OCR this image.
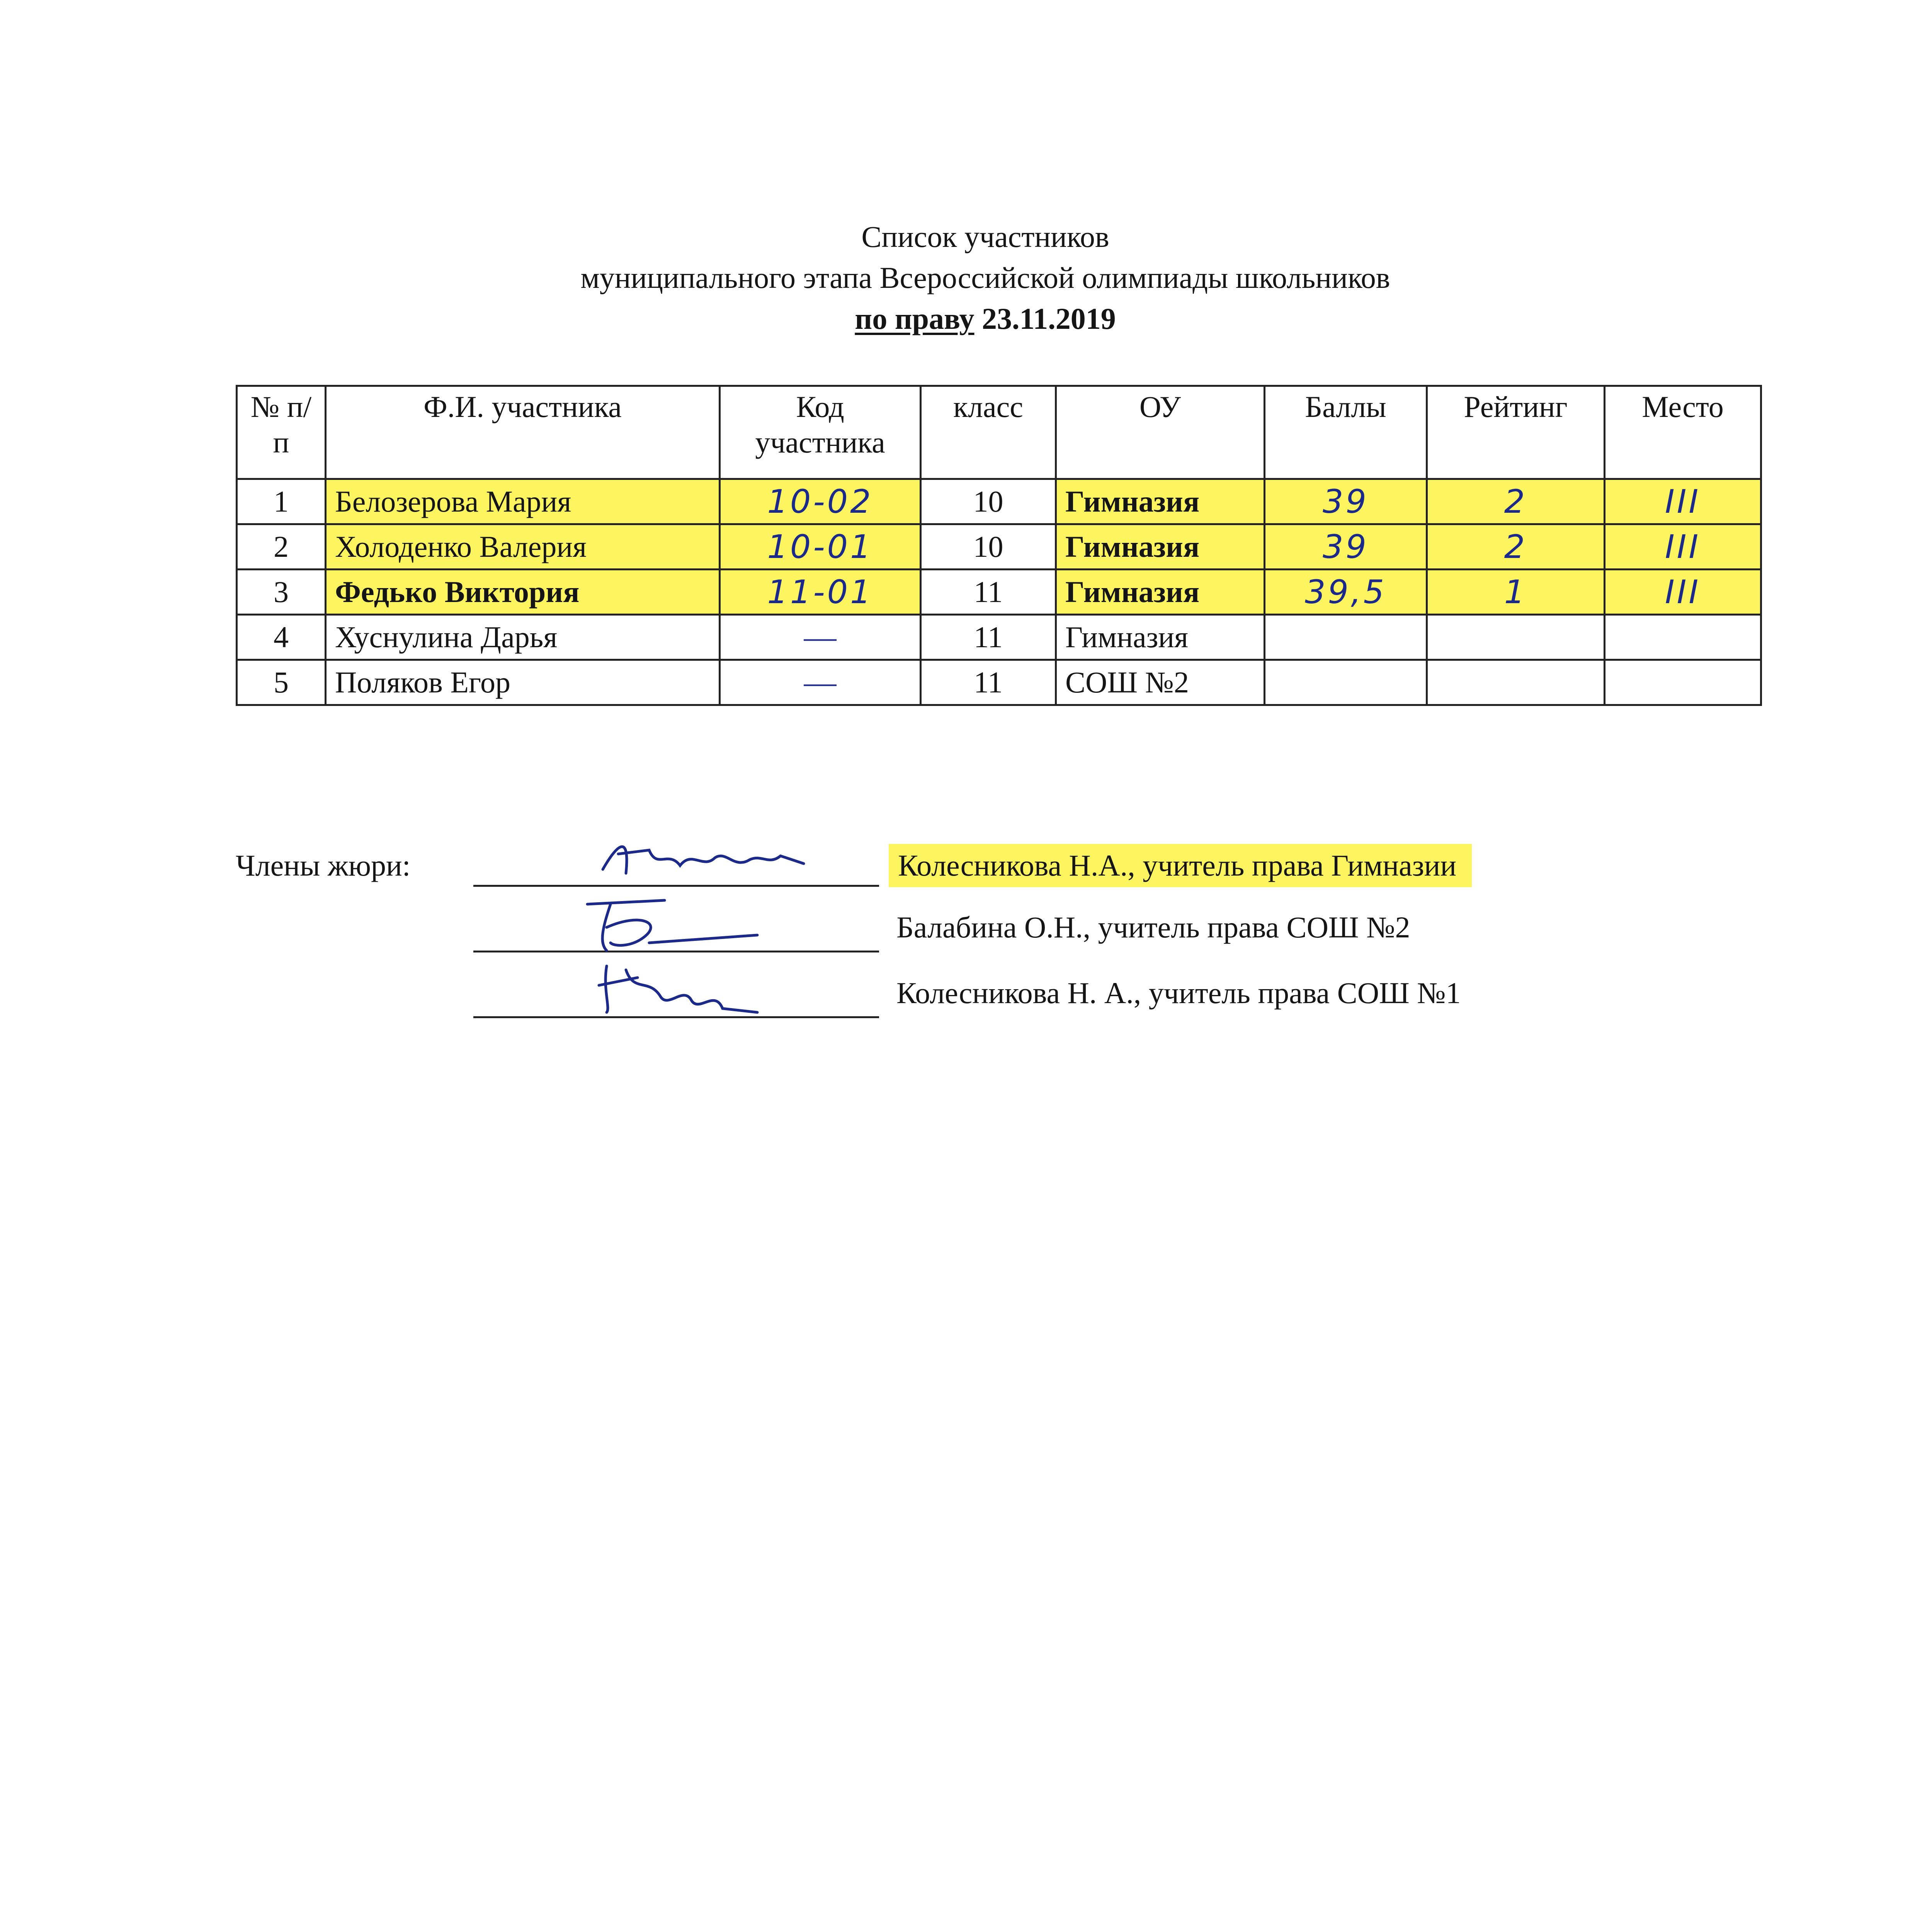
Список участников
муниципального этапа Всероссийской олимпиады школьников
по праву 23.11.2019
№ п/п	Ф.И. участника	Код участника	класс	ОУ	Баллы	Рейтинг	Место
1	Белозерова Мария	10-02	10	Гимназия	39	2	III
2	Холоденко Валерия	10-01	10	Гимназия	39	2	III
3	Федько Виктория	11-01	11	Гимназия	39,5	1	III
4	Хуснулина Дарья	—	11	Гимназия			
5	Поляков Егор	—	11	СОШ №2			
Члены жюри:	Колесникова Н.А., учитель права Гимназии
Балабина О.Н., учитель права СОШ №2
Колесникова Н. А., учитель права СОШ №1
